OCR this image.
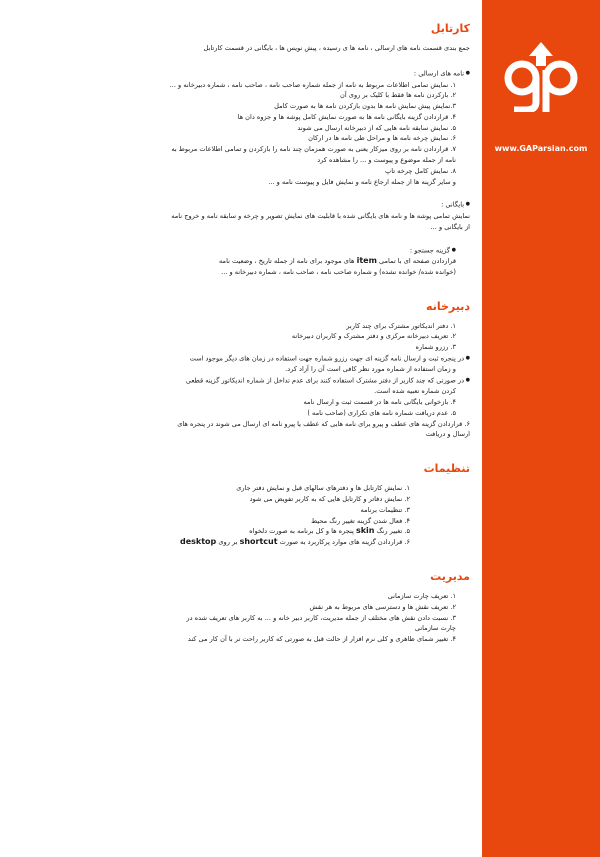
www.GAParsian.com
کارتابل
جمع بندی قسمت نامه های ارسالی ، نامه ها ی رسیده ، پیش نویس ها ، بایگانی در قسمت کارتابل
● نامه های ارسالی :
۱. نمایش تمامی اطلاعات مربوط به نامه از جمله شماره صاحب نامه ، صاحب نامه ، شماره دبیرخانه و ...
۲. بازکردن نامه ها فقط با کلیک بر روی آن
۳.نمایش پیش نمایش نامه ها بدون بازکردن نامه ها به صورت کامل
۴. قراردادن گزینه بایگانی نامه ها به صورت نمایش کامل پوشه ها و جزوه دان ها
۵. نمایش سابقه نامه هایی که از دبیرخانه ارسال می شوند
۶. نمایش چرخه نامه ها و مراحل طی نامه ها در ارکان
۷. قراردادن نامه بر روی میزکار یعنی به صورت همزمان چند نامه را بازکردن و تمامی اطلاعات مربوط به
نامه از جمله موضوع و پیوست و ... را مشاهده کرد
۸. نمایش کامل چرخه تاپ
و سایر گزینه ها از جمله ارجاع نامه و نمایش فایل و پیوست نامه و ...
● بایگانی :
نمایش تمامی پوشه ها و نامه های بایگانی شده با قابلیت های نمایش تصویر و چرخه و سابقه نامه و خروج نامه
از بایگانی و ...
● گزینه جستجو :
قراردادن صفحه ای با تمامی item های موجود برای نامه از جمله تاریخ ، وضعیت نامه
(خوانده شده/ خوانده نشده) و شماره صاحب نامه ، صاحب نامه ، شماره دبیرخانه و ...
دبیرخانه
۱. دفتر اندیکاتور مشترک برای چند کاربر
۲. تعریف دبیرخانه مرکزی و دفتر مشترک و کاربران دبیرخانه
۳. رزرو شماره
● در پنجره ثبت و ارسال نامه گزینه ای جهت رزرو شماره جهت استفاده در زمان های دیگر موجود است
و زمان استفاده از شماره مورد نظر کافی است آن را آزاد کرد.
● در صورتی که چند کاربر از دفتر مشترک استفاده کنند برای عدم تداخل از شماره اندیکاتور گزینه قطعی
کردن شماره تعبیه شده است.
۴. بازخوانی بایگانی نامه ها در قسمت ثبت و ارسال نامه
۵. عدم دریافت شماره نامه های تکراری (صاحب نامه )
۶. قراردادن گزینه های عطف و پیرو برای نامه هایی که عطف یا پیرو نامه ای ارسال می شوند در پنجره های
ارسال و دریافت
تنظیمات
۱. نمایش کارتابل ها و دفترهای سالهای قبل و نمایش دفتر جاری
۲. نمایش دفاتر و کارتابل هایی که به کاربر تفویض می شود
۳. تنظیمات برنامه
۴. فعال شدن گزینه تغییر رنگ محیط
۵. تغییر رنگ skin پنجره ها و کل برنامه به صورت دلخواه
۶. قراردادن گزینه های موارد پرکاربرد به صورت shortcut بر روی desktop
مدیریت
۱. تعریف چارت سازمانی
۲. تعریف نقش ها و دسترسی های مربوط به هر نقش
۳. نسبت دادن نقش های مختلف از جمله مدیریت، کاربر دبیر خانه و ... به کاربر های تعریف شده در
چارت سازمانی
۴. تغییر شمای ظاهری و کلی نرم افزار از حالت قبل به صورتی که کاربر راحت تر با آن کار می کند
